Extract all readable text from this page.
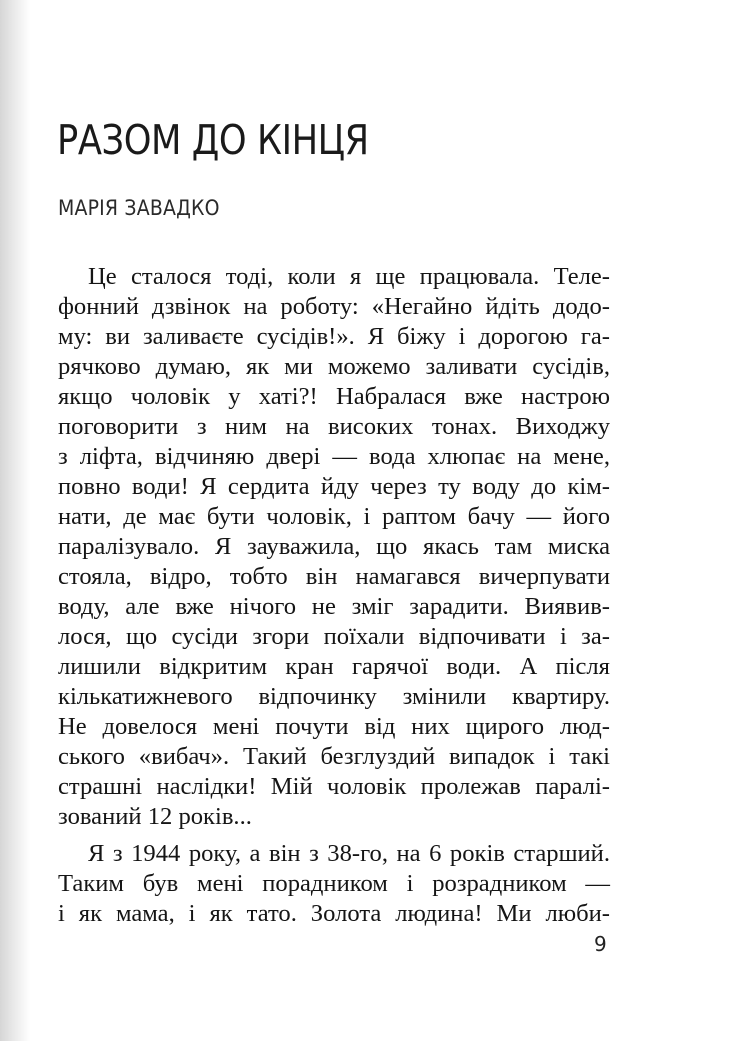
РАЗОМ ДО КІНЦЯ

МАРІЯ ЗАВАДКО

Це сталося тоді, коли я ще працювала. Теле-
фонний дзвінок на роботу: «Негайно йдіть додо-
му: ви заливаєте сусідів!». Я біжу і дорогою га-
рячково думаю, як ми можемо заливати сусідів,
якщо чоловік у хаті?! Набралася вже настрою
поговорити з ним на високих тонах. Виходжу
з ліфта, відчиняю двері — вода хлюпає на мене,
повно води! Я сердита йду через ту воду до кім-
нати, де має бути чоловік, і раптом бачу — його
паралізувало. Я зауважила, що якась там миска
стояла, відро, тобто він намагався вичерпувати
воду, але вже нічого не зміг зарадити. Виявив-
лося, що сусіди згори поїхали відпочивати і за-
лишили відкритим кран гарячої води. А після
кількатижневого відпочинку змінили квартиру.
Не довелося мені почути від них щирого люд-
ського «вибач». Такий безглуздий випадок і такі
страшні наслідки! Мій чоловік пролежав паралі-
зований 12 років...
Я з 1944 року, а він з 38-го, на 6 років старший.
Таким був мені порадником і розрадником —
і як мама, і як тато. Золота людина! Ми люби-

9
